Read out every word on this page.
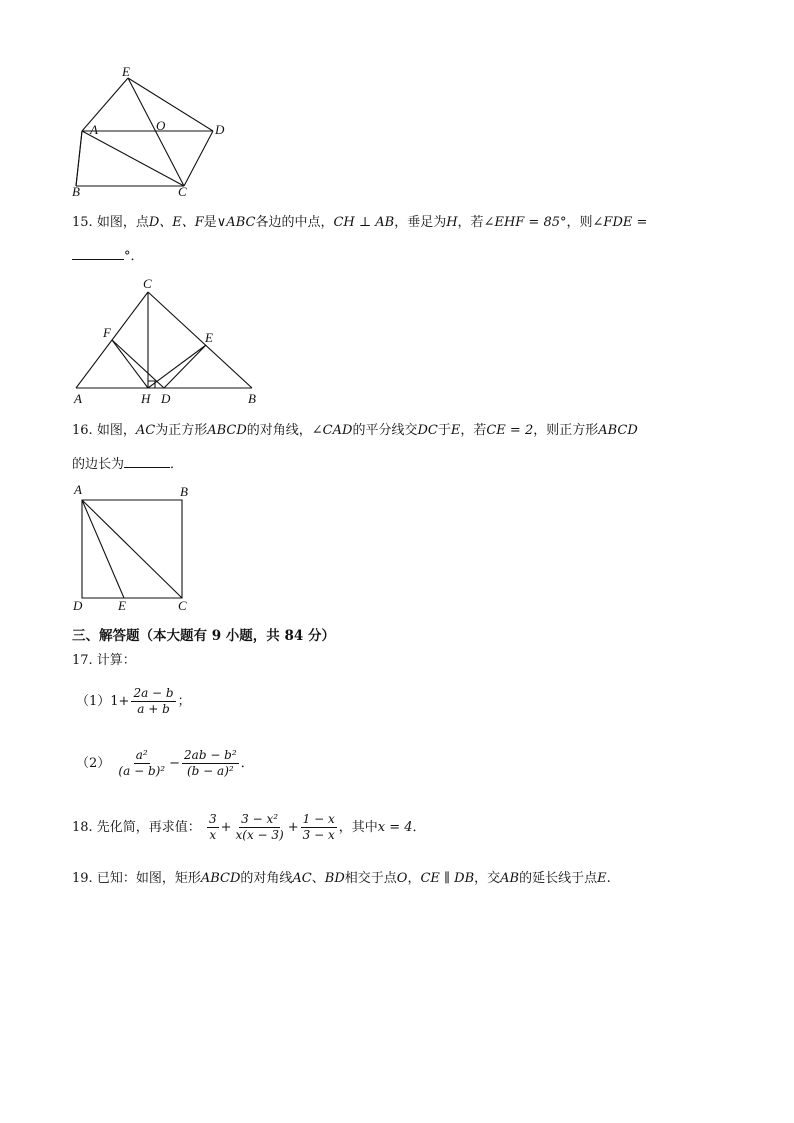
E
A	O	D
B	C
15. 如图，点D、E、F是∨ABC各边的中点，CH ⊥ AB，垂足为H，若∠EHF = 85°，则∠FDE =
°．
C
F	E
A	H D	B
16. 如图，AC为正方形ABCD的对角线，∠CAD的平分线交DC于E，若CE = 2，则正方形ABCD
的边长为	．
A	B
D	E	C
三、解答题（本大题有 9 小题，共 84 分）
17. 计算：
$(1)1+ \frac{2a - b}{a + b}$ ；
$(2) \frac{\text{a²}}{\text{(a − b)²}} - \frac{\text{2ab − b²}}{\text{(b − a)²}}$ ．
18. 先化简，再求值： $\frac{3}{x} + \frac{\text{3 − x²}}{x(x - 3)} + \frac{1 - x}{3 - x}$ ，其中x = 4．
19. 已知：如图，矩形ABCD的对角线AC、BD相交于点O，CE ∥ DB，交AB的延长线于点E.
